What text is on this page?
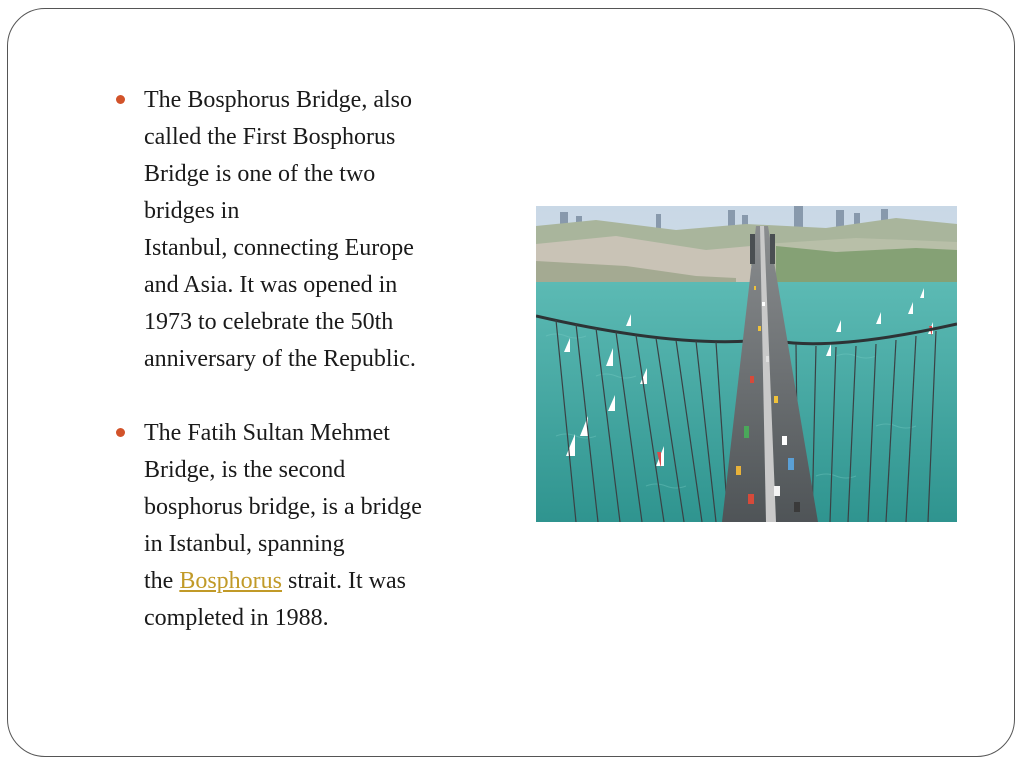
The Bosphorus Bridge, also
called the First Bosphorus
Bridge is one of the two
bridges in
Istanbul, connecting Europe
and Asia. It was opened in
1973 to celebrate the 50th
anniversary of the Republic.
The Fatih Sultan Mehmet
Bridge, is the second
bosphorus bridge, is a bridge
in Istanbul, spanning
the Bosphorus strait. It was
completed in 1988.
